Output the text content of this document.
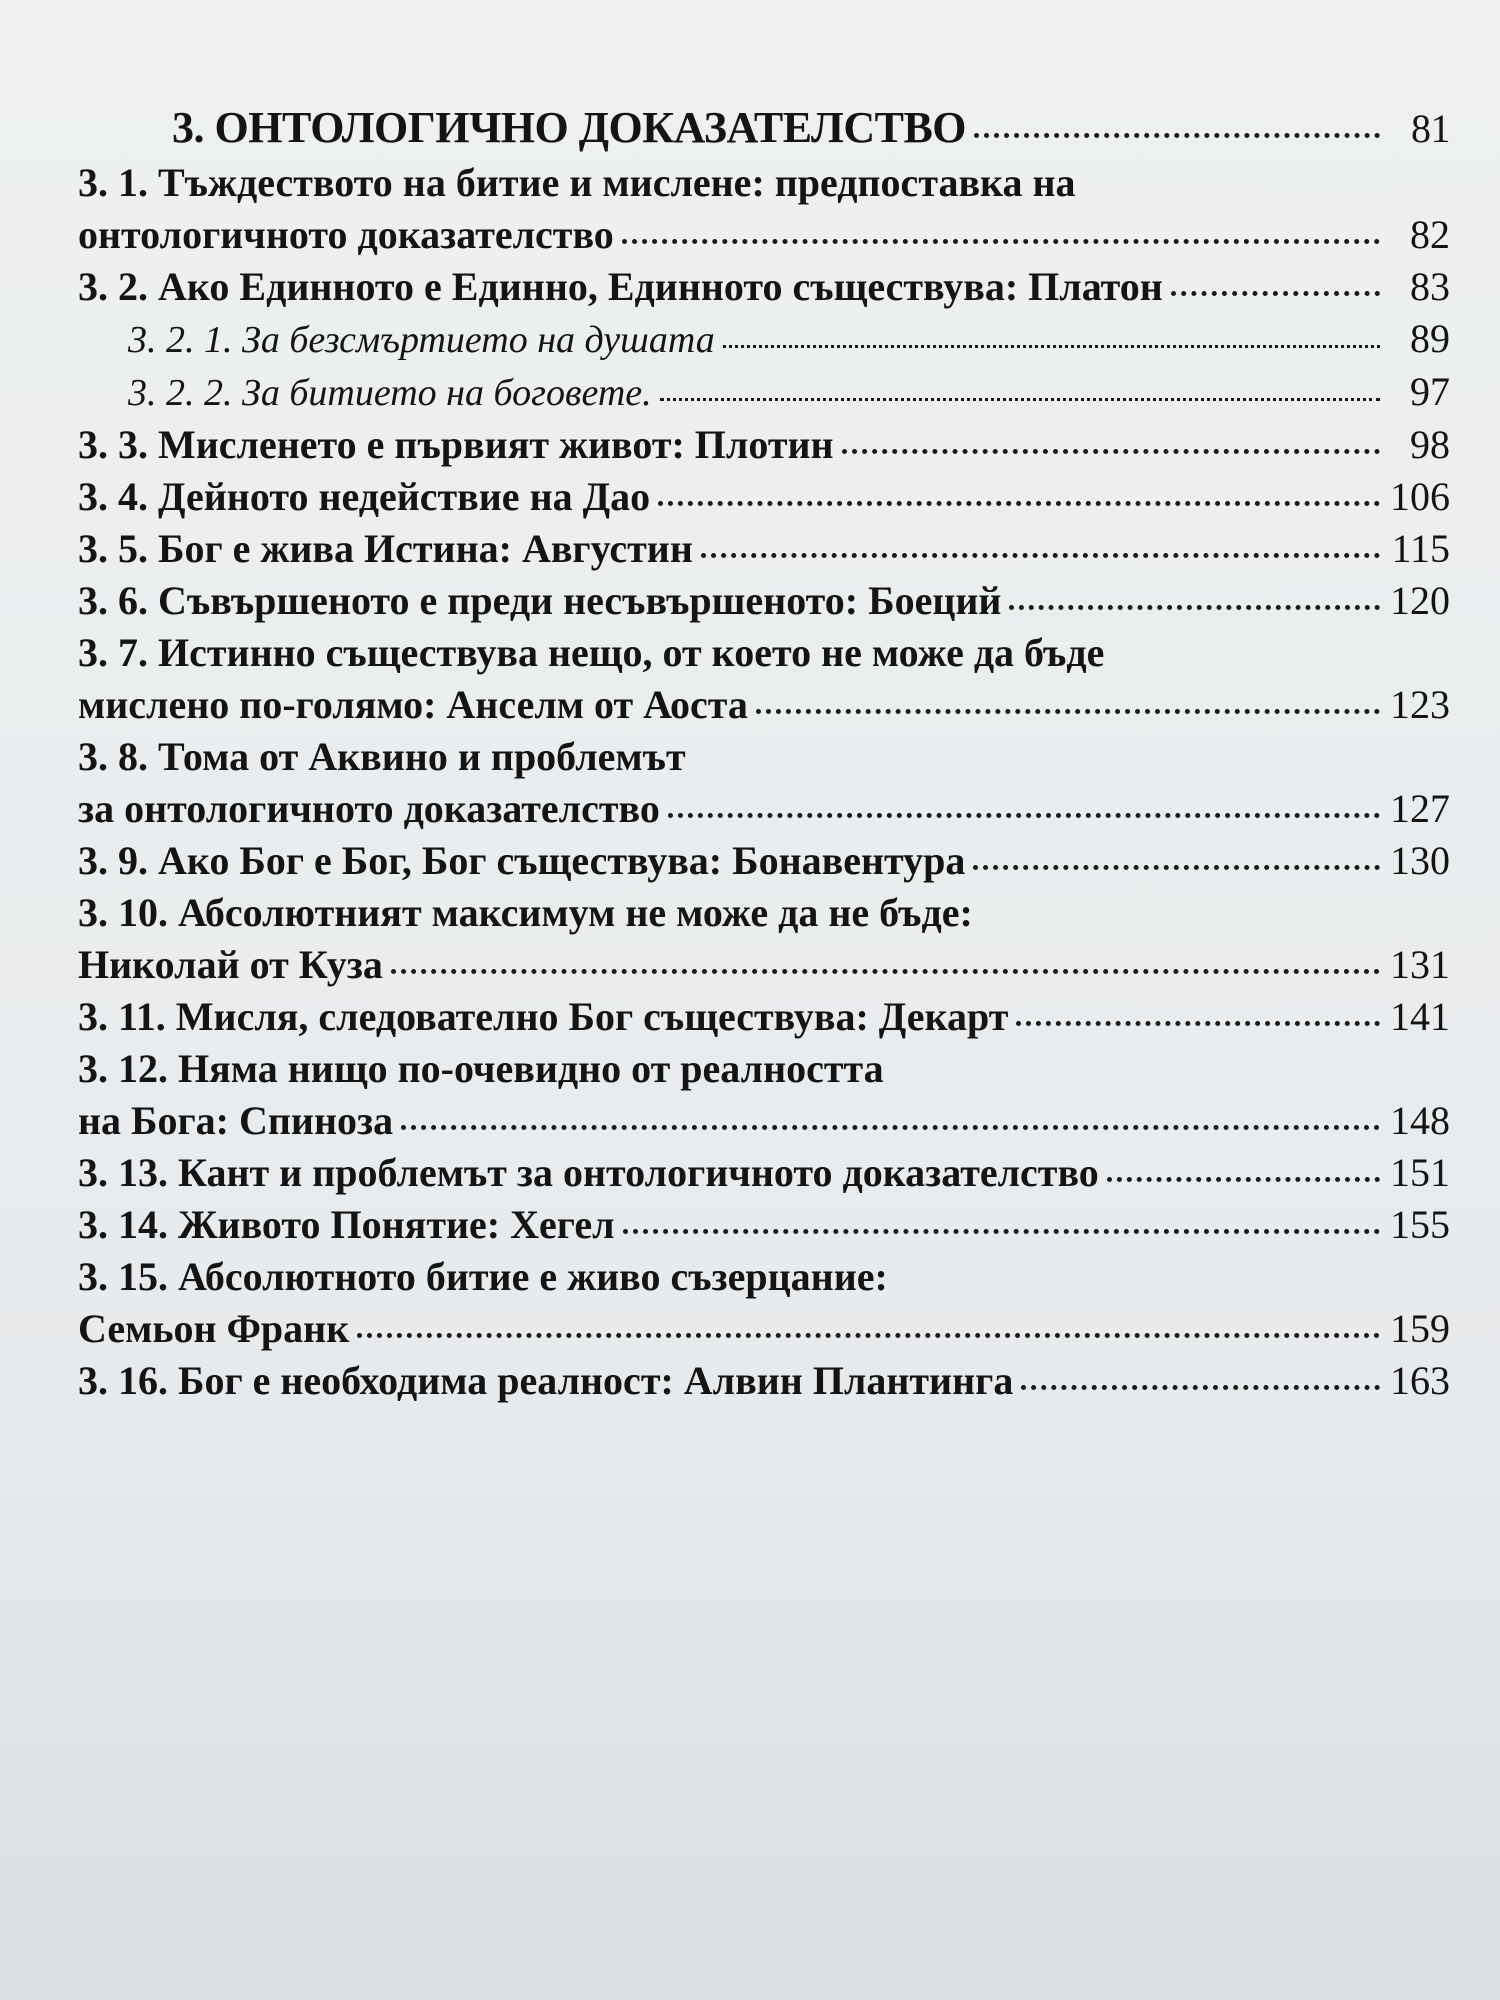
3. ОНТОЛОГИЧНО ДОКАЗАТЕЛСТВО	81
3. 1. Тъждеството на битие и мислене: предпоставка на
онтологичното доказателство	82
3. 2. Ако Единното е Единно, Единното съществува: Платон	83
3. 2. 1. За безсмъртието на душата	89
3. 2. 2. За битието на боговете.	97
3. 3. Мисленето е първият живот: Плотин	98
3. 4. Дейното недействие на Дао	106
3. 5. Бог е жива Истина: Августин	115
3. 6. Съвършеното е преди несъвършеното: Боеций	120
3. 7. Истинно съществува нещо, от което не може да бъде
мислено по-голямо: Анселм от Аоста	123
3. 8. Тома от Аквино и проблемът
за онтологичното доказателство	127
3. 9. Ако Бог е Бог, Бог съществува: Бонавентура	130
3. 10. Абсолютният максимум не може да не бъде:
Николай от Куза	131
3. 11. Мисля, следователно Бог съществува: Декарт	141
3. 12. Няма нищо по-очевидно от реалността
на Бога: Спиноза	148
3. 13. Кант и проблемът за онтологичното доказателство	151
3. 14. Живото Понятие: Хегел	155
3. 15. Абсолютното битие е живо съзерцание:
Семьон Франк	159
3. 16. Бог е необходима реалност: Алвин Плантинга	163
